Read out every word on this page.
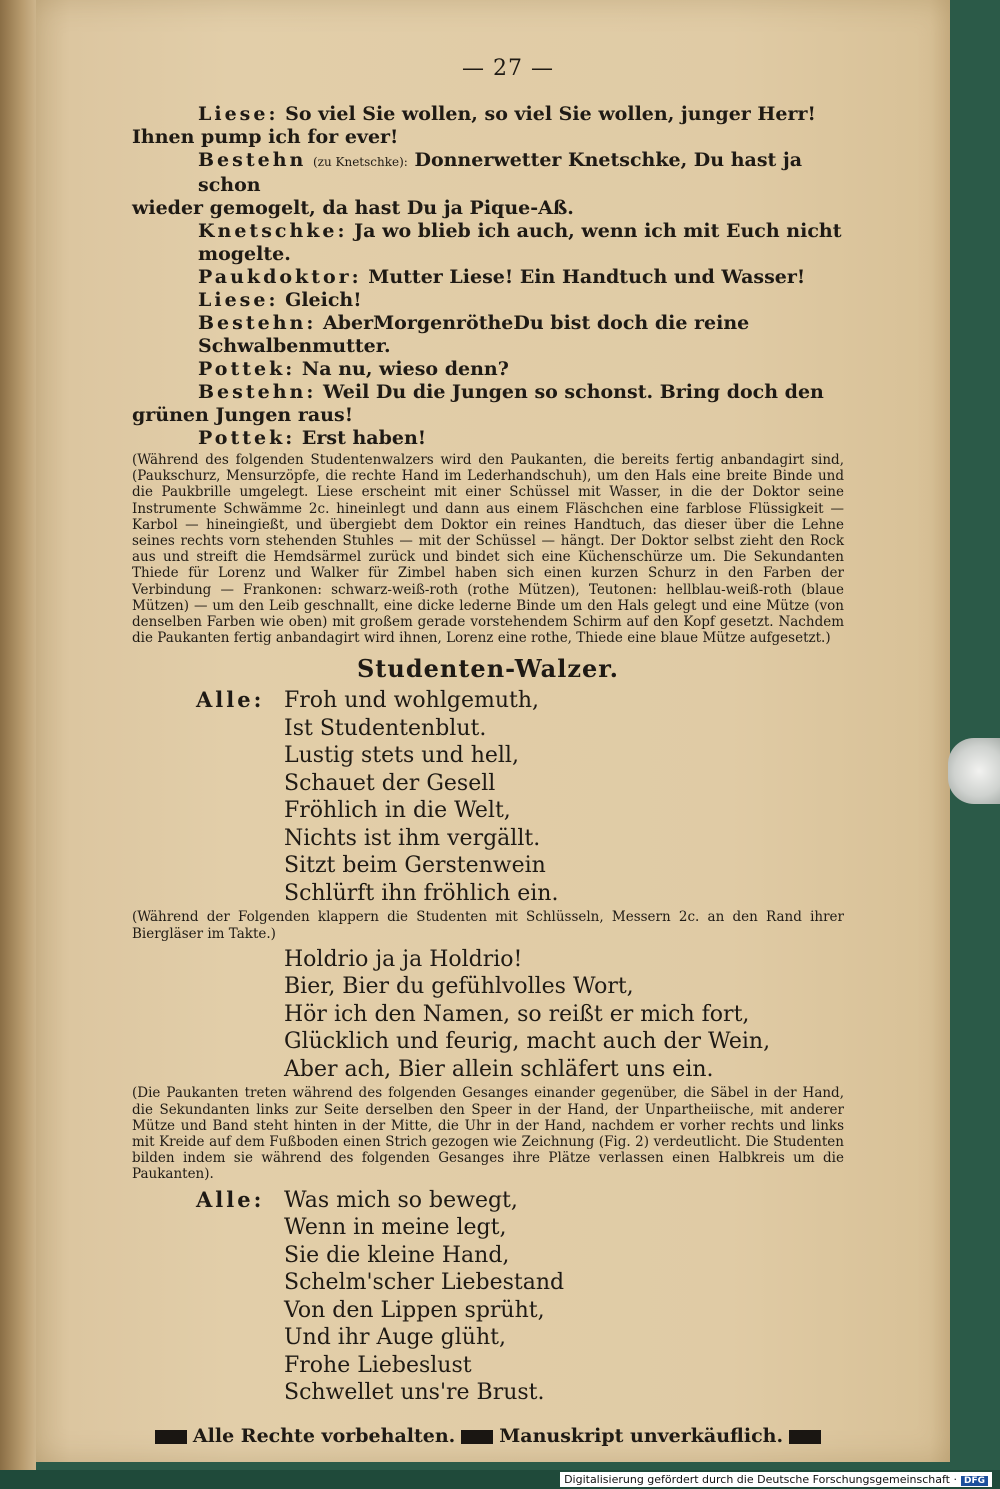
— 27 —
Liese: So viel Sie wollen, so viel Sie wollen, junger Herr!
Ihnen pump ich for ever!
Bestehn (zu Knetschke): Donnerwetter Knetschke, Du hast ja schon
wieder gemogelt, da hast Du ja Pique-Aß.
Knetschke: Ja wo blieb ich auch, wenn ich mit Euch nicht mogelte.
Paukdoktor: Mutter Liese! Ein Handtuch und Wasser!
Liese: Gleich!
Bestehn: AberMorgenrötheDu bist doch die reine Schwalbenmutter.
Pottek: Na nu, wieso denn?
Bestehn: Weil Du die Jungen so schonst. Bring doch den
grünen Jungen raus!
Pottek: Erst haben!
(Während des folgenden Studentenwalzers wird den Paukanten, die bereits fertig anbandagirt sind, (Paukschurz, Mensurzöpfe, die rechte Hand im Lederhandschuh), um den Hals eine breite Binde und die Paukbrille umgelegt. Liese erscheint mit einer Schüssel mit Wasser, in die der Doktor seine Instrumente Schwämme 2c. hineinlegt und dann aus einem Fläschchen eine farblose Flüssigkeit — Karbol — hineingießt, und übergiebt dem Doktor ein reines Handtuch, das dieser über die Lehne seines rechts vorn stehenden Stuhles — mit der Schüssel — hängt. Der Doktor selbst zieht den Rock aus und streift die Hemdsärmel zurück und bindet sich eine Küchenschürze um. Die Sekundanten Thiede für Lorenz und Walker für Zimbel haben sich einen kurzen Schurz in den Farben der Verbindung — Frankonen: schwarz-weiß-roth (rothe Mützen), Teutonen: hellblau-weiß-roth (blaue Mützen) — um den Leib geschnallt, eine dicke lederne Binde um den Hals gelegt und eine Mütze (von denselben Farben wie oben) mit großem gerade vorstehendem Schirm auf den Kopf gesetzt. Nachdem die Paukanten fertig anbandagirt wird ihnen, Lorenz eine rothe, Thiede eine blaue Mütze aufgesetzt.)
Studenten-Walzer.
Alle: Froh und wohlgemuth,
Ist Studentenblut.
Lustig stets und hell,
Schauet der Gesell
Fröhlich in die Welt,
Nichts ist ihm vergällt.
Sitzt beim Gerstenwein
Schlürft ihn fröhlich ein.
(Während der Folgenden klappern die Studenten mit Schlüsseln, Messern 2c. an den Rand ihrer Biergläser im Takte.)
Holdrio ja ja Holdrio!
Bier, Bier du gefühlvolles Wort,
Hör ich den Namen, so reißt er mich fort,
Glücklich und feurig, macht auch der Wein,
Aber ach, Bier allein schläfert uns ein.
(Die Paukanten treten während des folgenden Gesanges einander gegenüber, die Säbel in der Hand, die Sekundanten links zur Seite derselben den Speer in der Hand, der Unpartheiische, mit anderer Mütze und Band steht hinten in der Mitte, die Uhr in der Hand, nachdem er vorher rechts und links mit Kreide auf dem Fußboden einen Strich gezogen wie Zeichnung (Fig. 2) verdeutlicht. Die Studenten bilden indem sie während des folgenden Gesanges ihre Plätze verlassen einen Halbkreis um die Paukanten).
Alle: Was mich so bewegt,
Wenn in meine legt,
Sie die kleine Hand,
Schelm'scher Liebestand
Von den Lippen sprüht,
Und ihr Auge glüht,
Frohe Liebeslust
Schwellet uns're Brust.
Alle Rechte vorbehalten. Manuskript unverkäuflich.
Digitalisierung gefördert durch die Deutsche Forschungsgemeinschaft · DFG
